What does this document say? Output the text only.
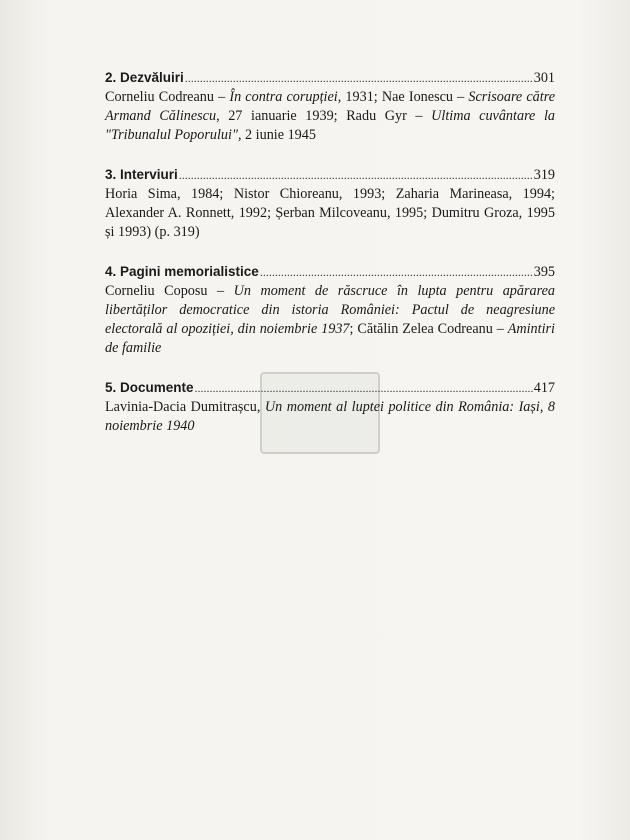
2. Dezvăluiri .....	301
Corneliu Codreanu – În contra corupției, 1931; Nae Ionescu – Scrisoare către Armand Călinescu, 27 ianuarie 1939; Radu Gyr – Ultima cuvântare la "Tribunalul Poporului", 2 iunie 1945
3. Interviuri .....	319
Horia Sima, 1984; Nistor Chioreanu, 1993; Zaharia Marineasa, 1994; Alexander A. Ronnett, 1992; Șerban Milcoveanu, 1995; Dumitru Groza, 1995 și 1993) (p. 319)
4. Pagini memorialistice .....	395
Corneliu Coposu – Un moment de răscruce în lupta pentru apărarea libertăților democratice din istoria României: Pactul de neagresiune electorală al opoziției, din noiembrie 1937; Cătălin Zelea Codreanu – Amintiri de familie
5. Documente .....	417
Lavinia-Dacia Dumitrașcu, Un moment al luptei politice din România: Iași, 8 noiembrie 1940
